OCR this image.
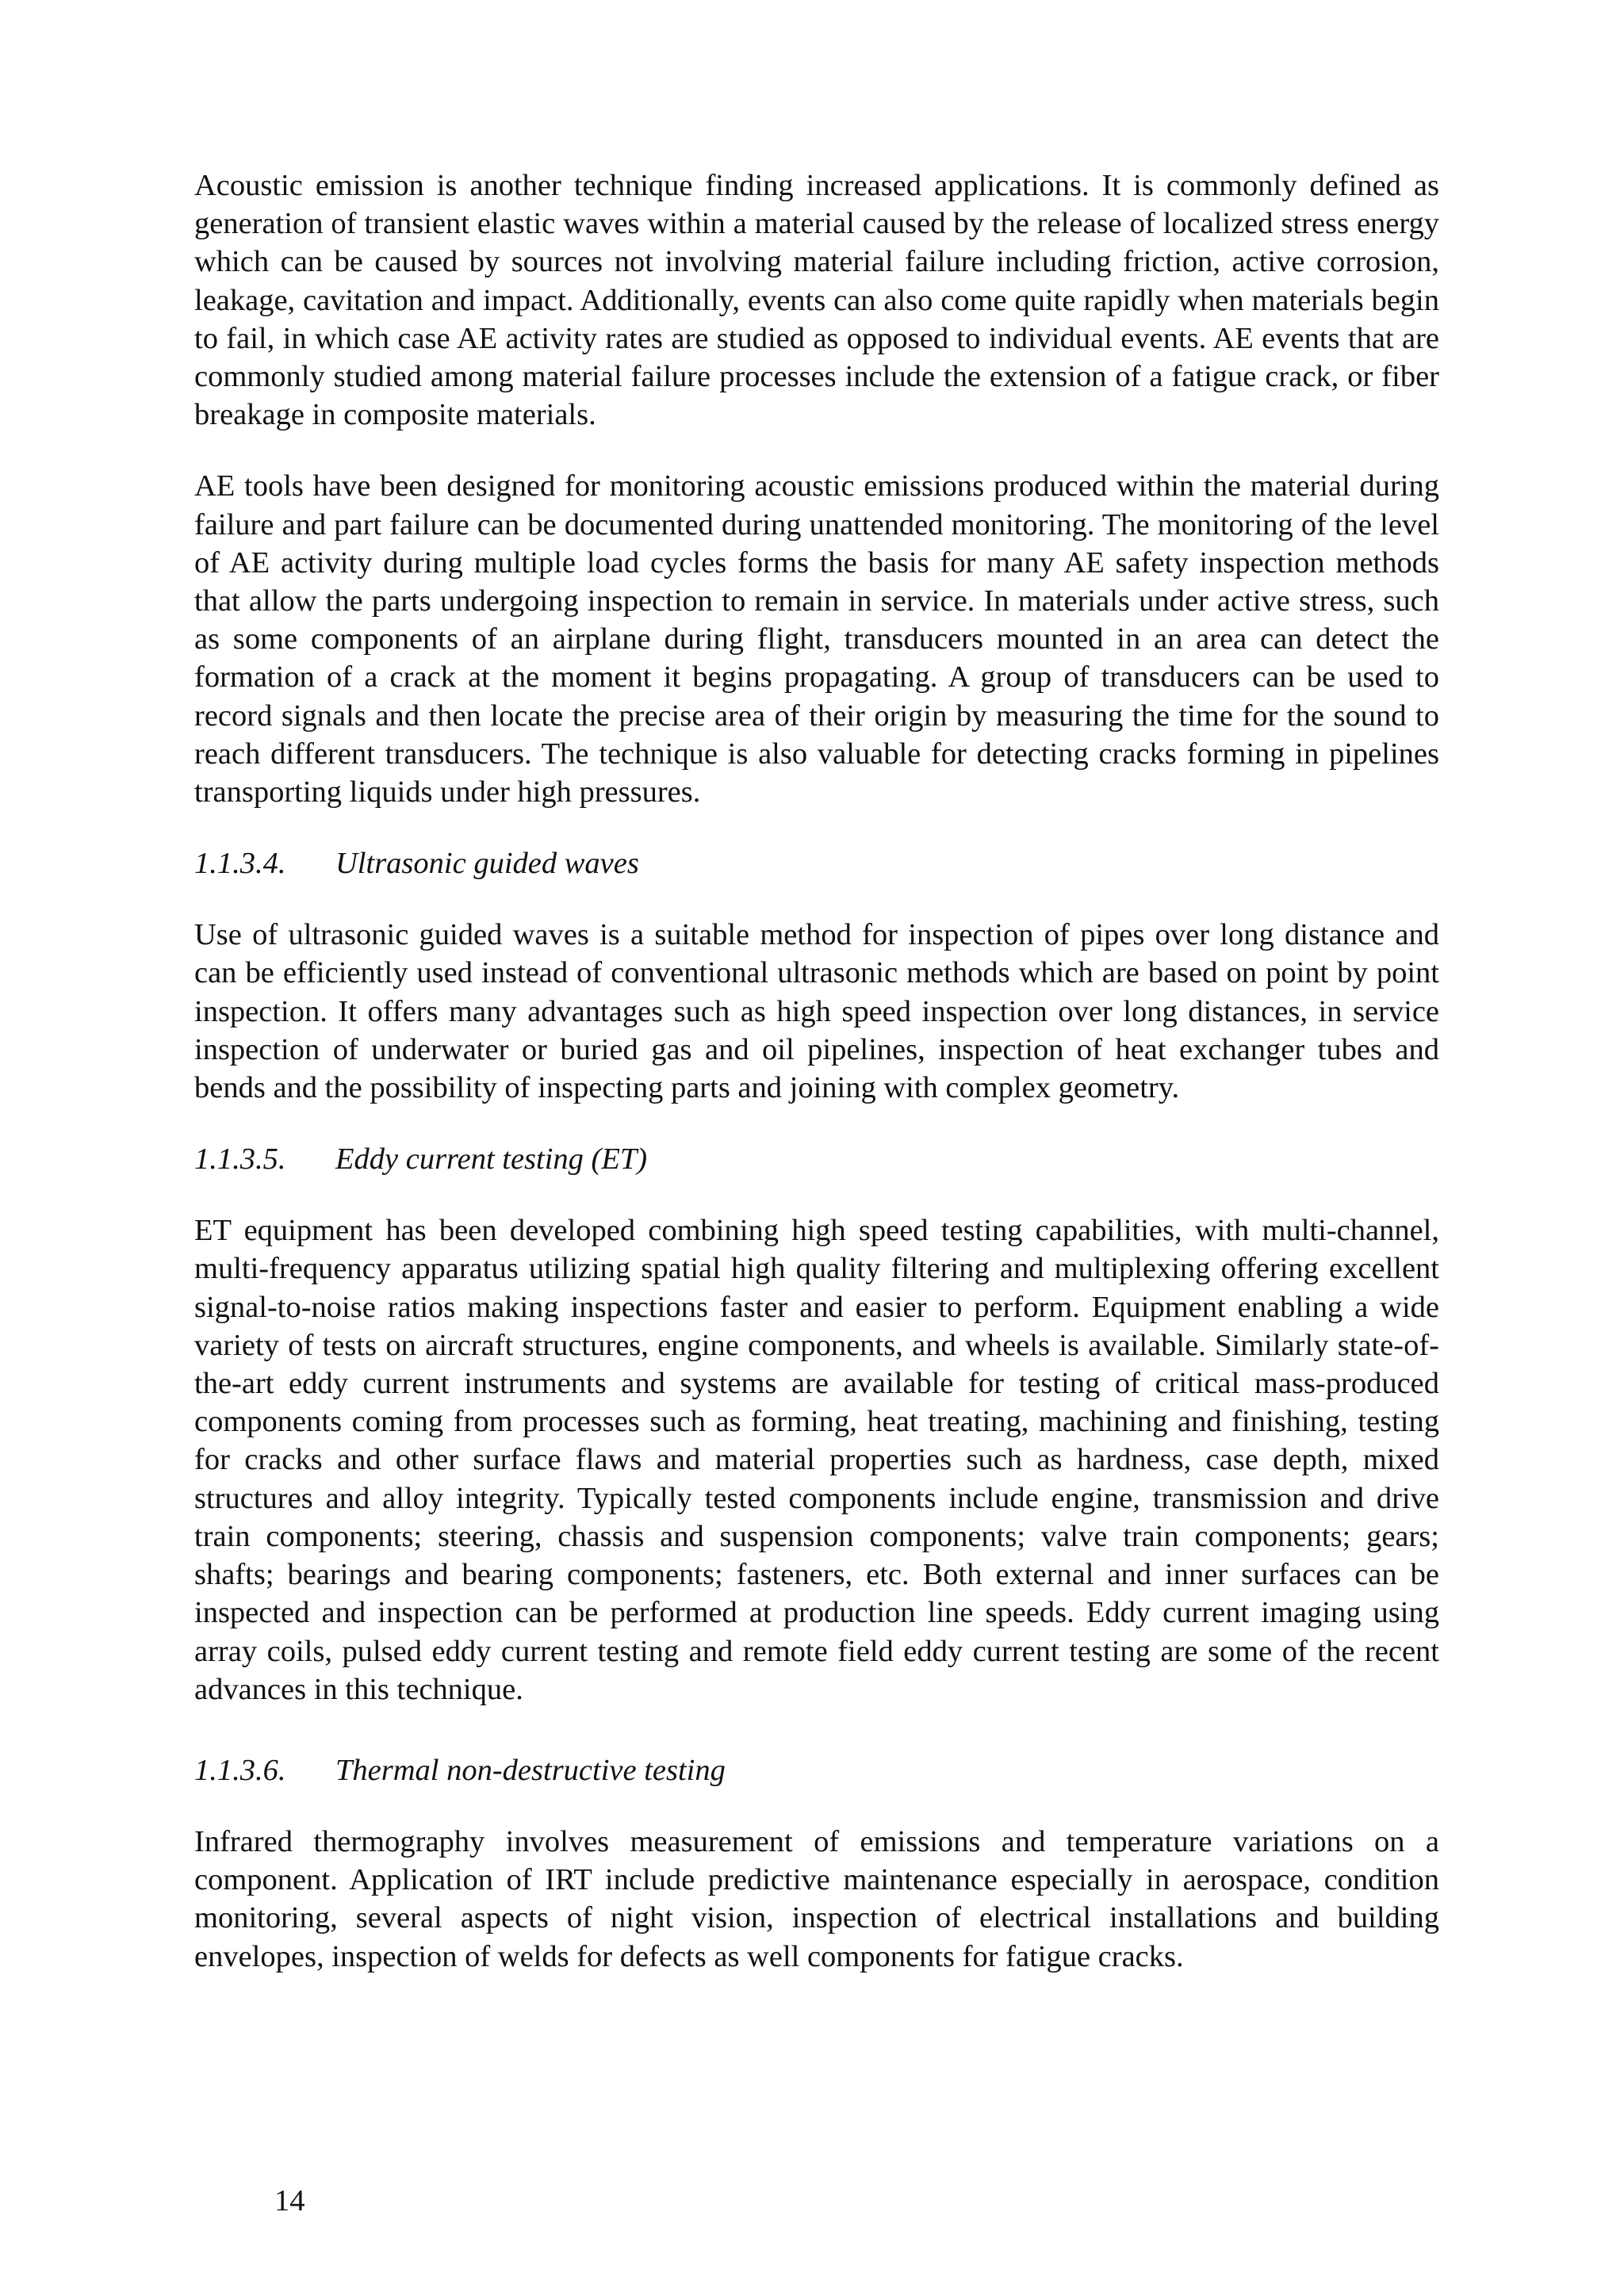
Acoustic emission is another technique finding increased applications. It is commonly defined as generation of transient elastic waves within a material caused by the release of localized stress energy which can be caused by sources not involving material failure including friction, active corrosion, leakage, cavitation and impact. Additionally, events can also come quite rapidly when materials begin to fail, in which case AE activity rates are studied as opposed to individual events. AE events that are commonly studied among material failure processes include the extension of a fatigue crack, or fiber breakage in composite materials.

AE tools have been designed for monitoring acoustic emissions produced within the material during failure and part failure can be documented during unattended monitoring. The monitoring of the level of AE activity during multiple load cycles forms the basis for many AE safety inspection methods that allow the parts undergoing inspection to remain in service. In materials under active stress, such as some components of an airplane during flight, transducers mounted in an area can detect the formation of a crack at the moment it begins propagating. A group of transducers can be used to record signals and then locate the precise area of their origin by measuring the time for the sound to reach different transducers. The technique is also valuable for detecting cracks forming in pipelines transporting liquids under high pressures.

1.1.3.4.	Ultrasonic guided waves

Use of ultrasonic guided waves is a suitable method for inspection of pipes over long distance and can be efficiently used instead of conventional ultrasonic methods which are based on point by point inspection. It offers many advantages such as high speed inspection over long distances, in service inspection of underwater or buried gas and oil pipelines, inspection of heat exchanger tubes and bends and the possibility of inspecting parts and joining with complex geometry.

1.1.3.5.	Eddy current testing (ET)

ET equipment has been developed combining high speed testing capabilities, with multi-channel, multi-frequency apparatus utilizing spatial high quality filtering and multiplexing offering excellent signal-to-noise ratios making inspections faster and easier to perform. Equipment enabling a wide variety of tests on aircraft structures, engine components, and wheels is available. Similarly state-of-the-art eddy current instruments and systems are available for testing of critical mass-produced components coming from processes such as forming, heat treating, machining and finishing, testing for cracks and other surface flaws and material properties such as hardness, case depth, mixed structures and alloy integrity. Typically tested components include engine, transmission and drive train components; steering, chassis and suspension components; valve train components; gears; shafts; bearings and bearing components; fasteners, etc. Both external and inner surfaces can be inspected and inspection can be performed at production line speeds. Eddy current imaging using array coils, pulsed eddy current testing and remote field eddy current testing are some of the recent advances in this technique.

1.1.3.6.	Thermal non-destructive testing

Infrared thermography involves measurement of emissions and temperature variations on a component. Application of IRT include predictive maintenance especially in aerospace, condition monitoring, several aspects of night vision, inspection of electrical installations and building envelopes, inspection of welds for defects as well components for fatigue cracks.

14
